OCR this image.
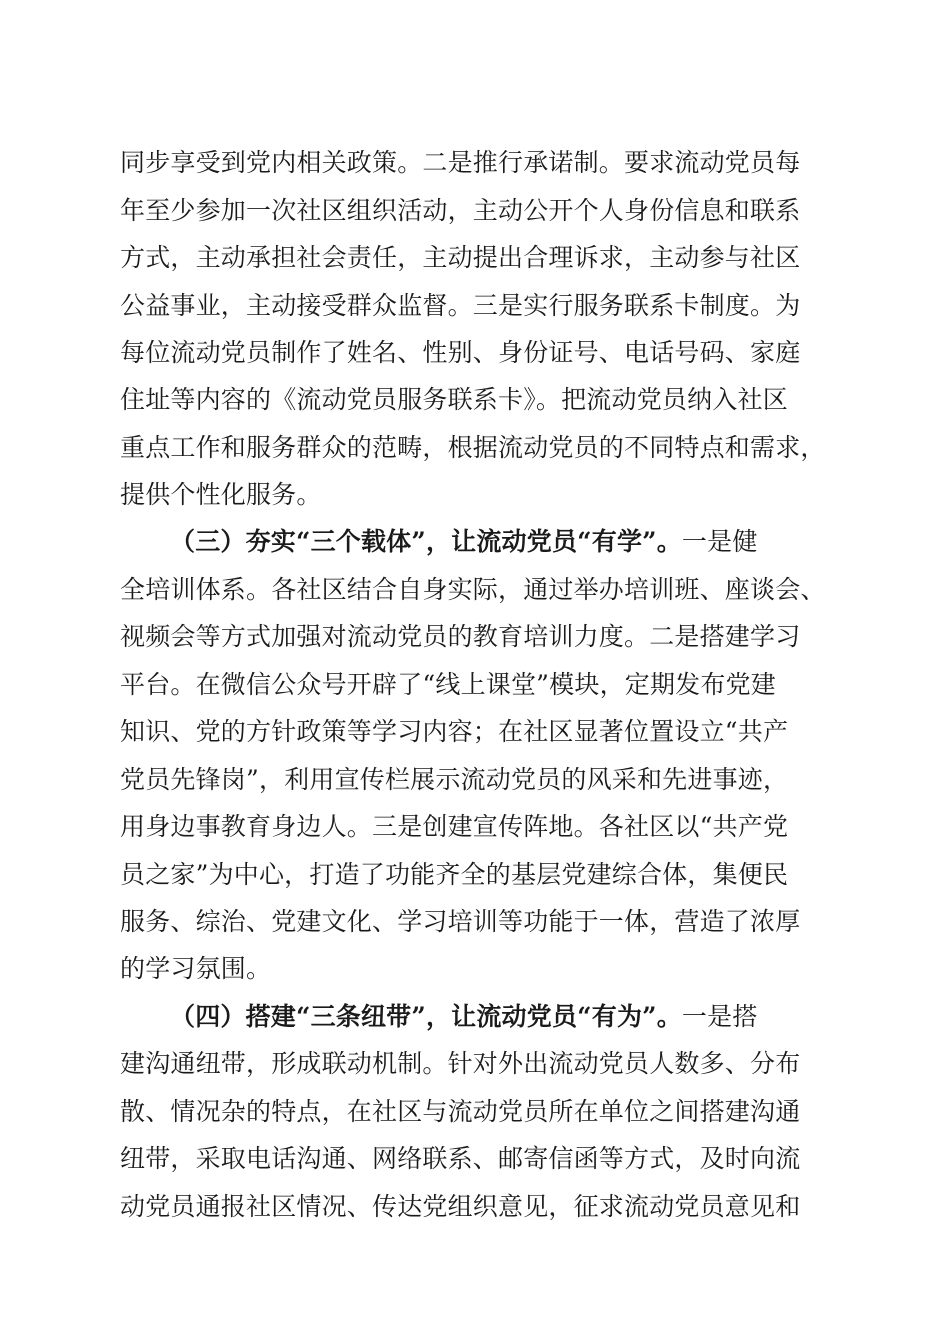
同步享受到党内相关政策。二是推行承诺制。要求流动党员每
年至少参加一次社区组织活动，主动公开个人身份信息和联系
方式，主动承担社会责任，主动提出合理诉求，主动参与社区
公益事业，主动接受群众监督。三是实行服务联系卡制度。为
每位流动党员制作了姓名、性别、身份证号、电话号码、家庭
住址等内容的《流动党员服务联系卡》。把流动党员纳入社区
重点工作和服务群众的范畴，根据流动党员的不同特点和需求，
提供个性化服务。
（三）夯实“三个载体”，让流动党员“有学”。一是健
全培训体系。各社区结合自身实际，通过举办培训班、座谈会、
视频会等方式加强对流动党员的教育培训力度。二是搭建学习
平台。在微信公众号开辟了“线上课堂”模块，定期发布党建
知识、党的方针政策等学习内容；在社区显著位置设立“共产
党员先锋岗”，利用宣传栏展示流动党员的风采和先进事迹，
用身边事教育身边人。三是创建宣传阵地。各社区以“共产党
员之家”为中心，打造了功能齐全的基层党建综合体，集便民
服务、综治、党建文化、学习培训等功能于一体，营造了浓厚
的学习氛围。
（四）搭建“三条纽带”，让流动党员“有为”。一是搭
建沟通纽带，形成联动机制。针对外出流动党员人数多、分布
散、情况杂的特点，在社区与流动党员所在单位之间搭建沟通
纽带，采取电话沟通、网络联系、邮寄信函等方式，及时向流
动党员通报社区情况、传达党组织意见，征求流动党员意见和
